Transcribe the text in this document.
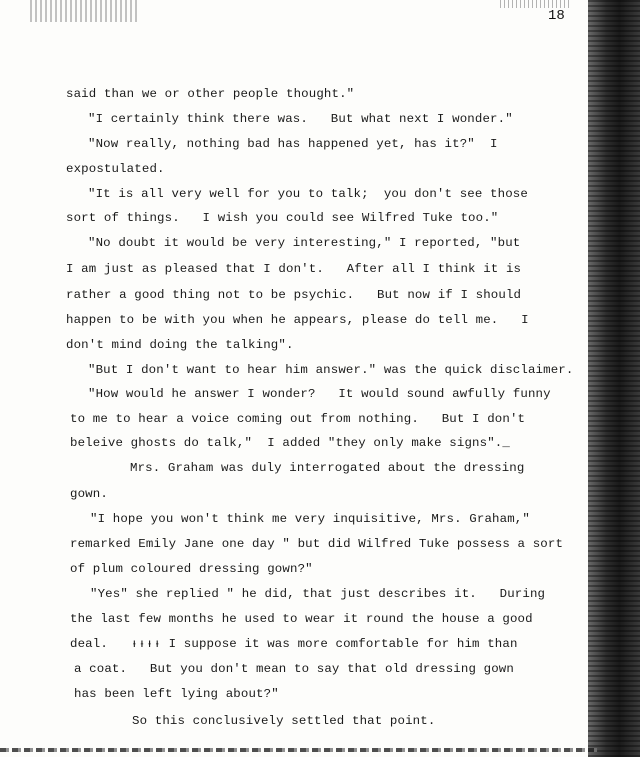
18
said than we or other people thought."
"I certainly think there was.   But what next I wonder."
"Now really, nothing bad has happened yet, has it?"  I
expostulated.
"It is all very well for you to talk;  you don't see those
sort of things.   I wish you could see Wilfred Tuke too."
"No doubt it would be very interesting," I reported, "but
I am just as pleased that I don't.   After all I think it is
rather a good thing not to be psychic.   But now if I should
happen to be with you when he appears, please do tell me.   I
don't mind doing the talking".
"But I don't want to hear him answer." was the quick disclaimer.
"How would he answer I wonder?   It would sound awfully funny
to me to hear a voice coming out from nothing.   But I don't
beleive ghosts do talk,"  I added "they only make signs"._
Mrs. Graham was duly interrogated about the dressing
gown.
"I hope you won't think me very inquisitive, Mrs. Graham,"
remarked Emily Jane one day " but did Wilfred Tuke possess a sort
of plum coloured dressing gown?"
"Yes" she replied " he did, that just describes it.   During
the last few months he used to wear it round the house a good
deal.   ᵻᵻᵻᵻ I suppose it was more comfortable for him than
a coat.   But you don't mean to say that old dressing gown
has been left lying about?"
So this conclusively settled that point.
